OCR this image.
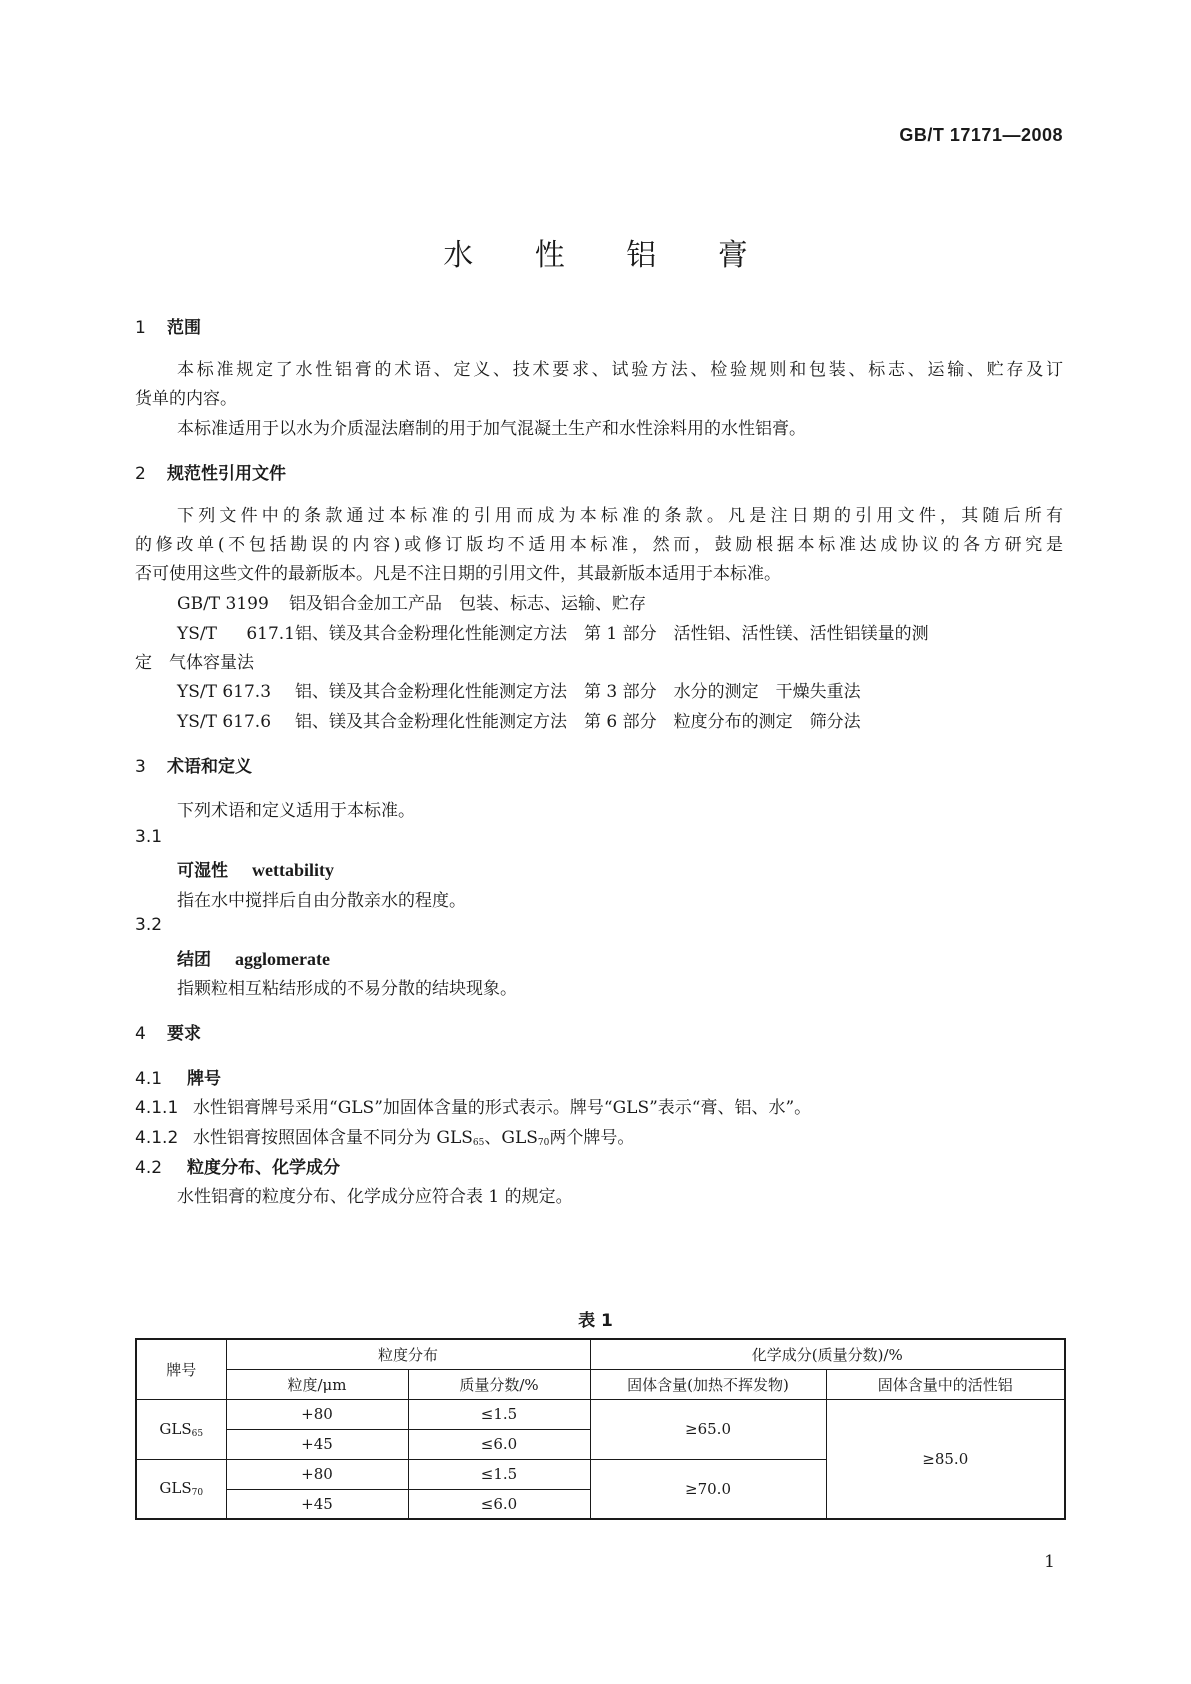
GB/T 17171—2008
水 性 铝 膏
1 范围
本标准规定了水性铝膏的术语、定义、技术要求、试验方法、检验规则和包装、标志、运输、贮存及订
货单的内容。
本标准适用于以水为介质湿法磨制的用于加气混凝土生产和水性涂料用的水性铝膏。
2 规范性引用文件
下列文件中的条款通过本标准的引用而成为本标准的条款。凡是注日期的引用文件，其随后所有
的修改单(不包括勘误的内容)或修订版均不适用本标准，然而，鼓励根据本标准达成协议的各方研究是
否可使用这些文件的最新版本。凡是不注日期的引用文件，其最新版本适用于本标准。
GB/T 3199 铝及铝合金加工产品　包装、标志、运输、贮存
YS/T 617.1铝、镁及其合金粉理化性能测定方法　第 1 部分　活性铝、活性镁、活性铝镁量的测
定　气体容量法
YS/T 617.3 铝、镁及其合金粉理化性能测定方法　第 3 部分　水分的测定　干燥失重法
YS/T 617.6 铝、镁及其合金粉理化性能测定方法　第 6 部分　粒度分布的测定　筛分法
3 术语和定义
下列术语和定义适用于本标准。
3.1
可湿性 wettability
指在水中搅拌后自由分散亲水的程度。
3.2
结团 agglomerate
指颗粒相互粘结形成的不易分散的结块现象。
4 要求
4.1 牌号
4.1.1 水性铝膏牌号采用“GLS”加固体含量的形式表示。牌号“GLS”表示“膏、铝、水”。
4.1.2 水性铝膏按照固体含量不同分为 $GLS_{65}$、$GLS_{70}$两个牌号。
4.2 粒度分布、化学成分
水性铝膏的粒度分布、化学成分应符合表 1 的规定。
表 1
牌号	粒度分布		化学成分(质量分数)/%	
	粒度/μm	质量分数/%	固体含量(加热不挥发物)	固体含量中的活性铝
$GLS_{65}$	+80	≤1.5	≥65.0	≥85.0
	+45	≤6.0		
$GLS_{70}$	+80	≤1.5	≥70.0	
	+45	≤6.0		
1
